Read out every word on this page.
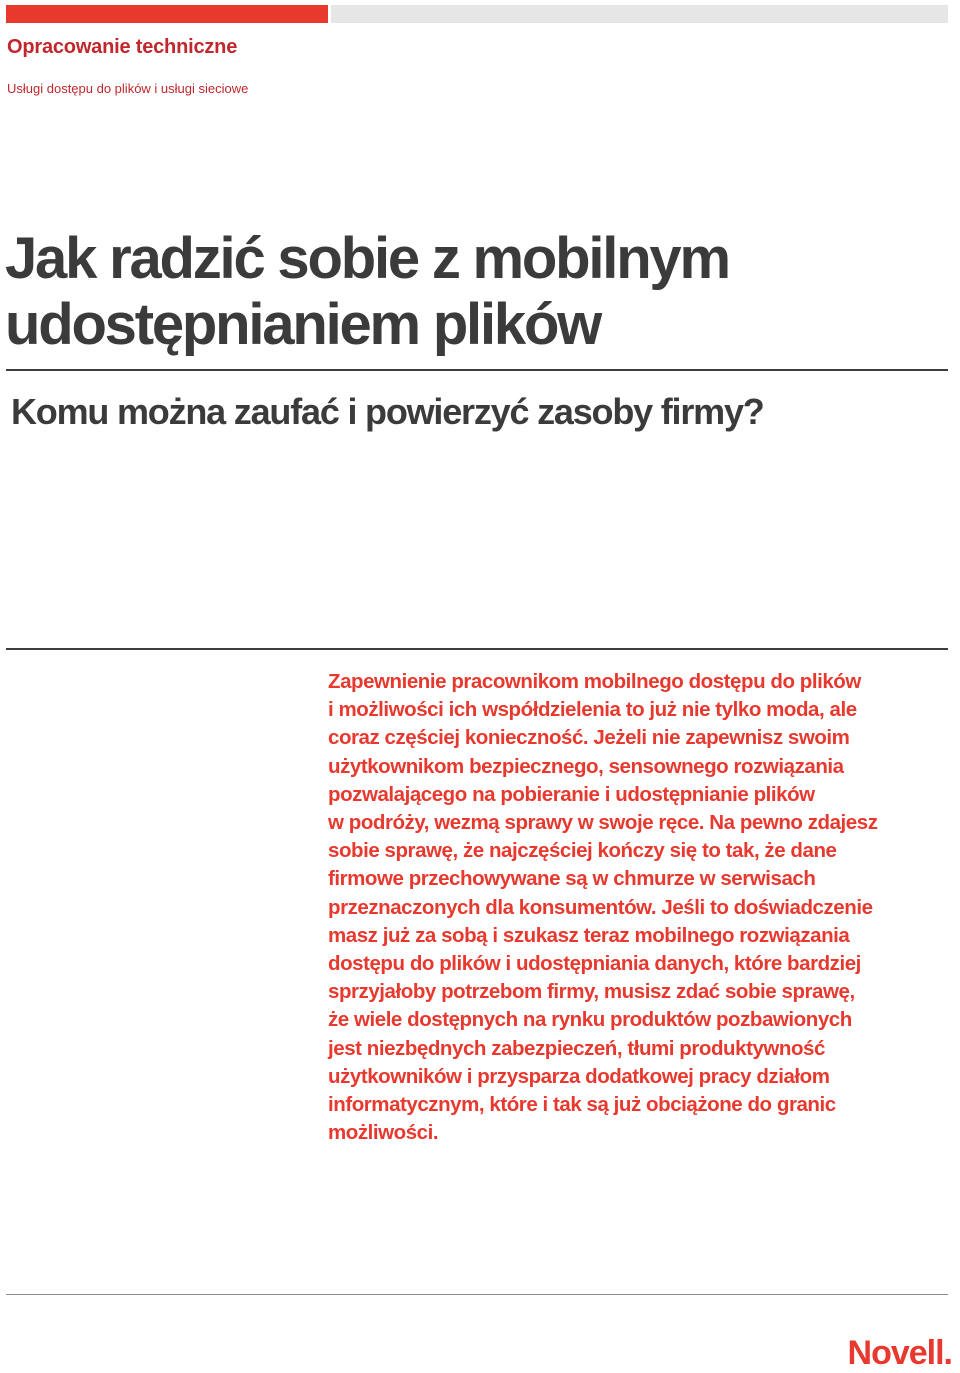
Opracowanie techniczne

Usługi dostępu do plików i usługi sieciowe

Jak radzić sobie z mobilnym
udostępnianiem plików
Komu można zaufać i powierzyć zasoby firmy?

Zapewnienie pracownikom mobilnego dostępu do plików
i możliwości ich współdzielenia to już nie tylko moda, ale
coraz częściej konieczność. Jeżeli nie zapewnisz swoim
użytkownikom bezpiecznego, sensownego rozwiązania
pozwalającego na pobieranie i udostępnianie plików
w podróży, wezmą sprawy w swoje ręce. Na pewno zdajesz
sobie sprawę, że najczęściej kończy się to tak, że dane
firmowe przechowywane są w chmurze w serwisach
przeznaczonych dla konsumentów. Jeśli to doświadczenie
masz już za sobą i szukasz teraz mobilnego rozwiązania
dostępu do plików i udostępniania danych, które bardziej
sprzyjałoby potrzebom firmy, musisz zdać sobie sprawę,
że wiele dostępnych na rynku produktów pozbawionych
jest niezbędnych zabezpieczeń, tłumi produktywność
użytkowników i przysparza dodatkowej pracy działom
informatycznym, które i tak są już obciążone do granic
możliwości.

Novell.
